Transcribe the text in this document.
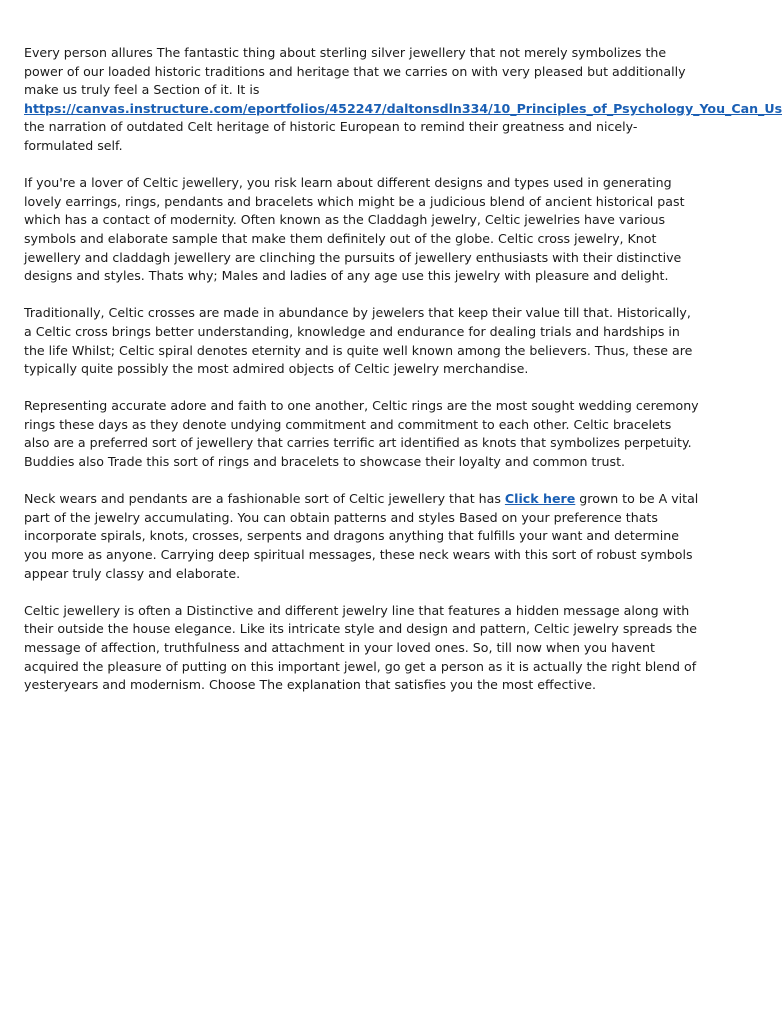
Every person allures The fantastic thing about sterling silver jewellery that not merely symbolizes the power of our loaded historic traditions and heritage that we carries on with very pleased but additionally make us truly feel a Section of it. It is
https://canvas.instructure.com/eportfolios/452247/daltonsdln334/10_Principles_of_Psychology_You_Can_Us
the narration of outdated Celt heritage of historic European to remind their greatness and nicely-formulated self.

If you're a lover of Celtic jewellery, you risk learn about different designs and types used in generating lovely earrings, rings, pendants and bracelets which might be a judicious blend of ancient historical past which has a contact of modernity. Often known as the Claddagh jewelry, Celtic jewelries have various symbols and elaborate sample that make them definitely out of the globe. Celtic cross jewelry, Knot jewellery and claddagh jewellery are clinching the pursuits of jewellery enthusiasts with their distinctive designs and styles. Thats why; Males and ladies of any age use this jewelry with pleasure and delight.

Traditionally, Celtic crosses are made in abundance by jewelers that keep their value till that. Historically, a Celtic cross brings better understanding, knowledge and endurance for dealing trials and hardships in the life Whilst; Celtic spiral denotes eternity and is quite well known among the believers. Thus, these are typically quite possibly the most admired objects of Celtic jewelry merchandise.

Representing accurate adore and faith to one another, Celtic rings are the most sought wedding ceremony rings these days as they denote undying commitment and commitment to each other. Celtic bracelets also are a preferred sort of jewellery that carries terrific art identified as knots that symbolizes perpetuity. Buddies also Trade this sort of rings and bracelets to showcase their loyalty and common trust.

Neck wears and pendants are a fashionable sort of Celtic jewellery that has Click here grown to be A vital part of the jewelry accumulating. You can obtain patterns and styles Based on your preference thats incorporate spirals, knots, crosses, serpents and dragons anything that fulfills your want and determine you more as anyone. Carrying deep spiritual messages, these neck wears with this sort of robust symbols appear truly classy and elaborate.

Celtic jewellery is often a Distinctive and different jewelry line that features a hidden message along with their outside the house elegance. Like its intricate style and design and pattern, Celtic jewelry spreads the message of affection, truthfulness and attachment in your loved ones. So, till now when you havent acquired the pleasure of putting on this important jewel, go get a person as it is actually the right blend of yesteryears and modernism. Choose The explanation that satisfies you the most effective.
